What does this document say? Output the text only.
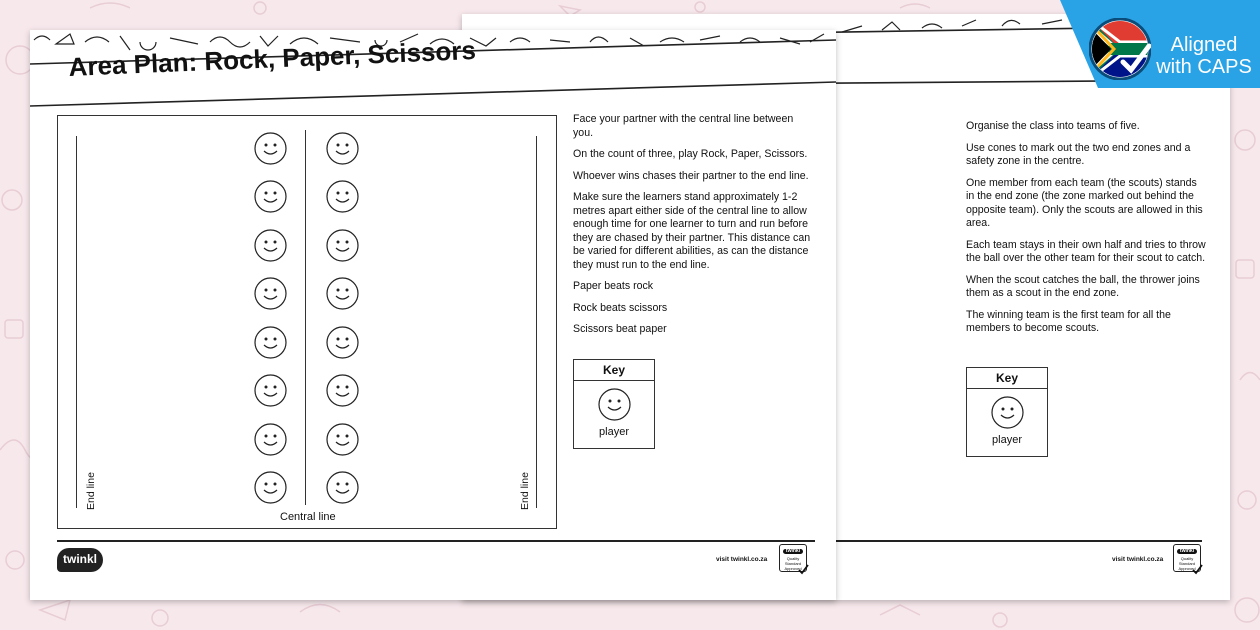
Organise the class into teams of five.

Use cones to mark out the two end zones and a safety zone in the centre.

One member from each team (the scouts) stands in the end zone (the zone marked out behind the opposite team). Only the scouts are allowed in this area.

Each team stays in their own half and tries to throw the ball over the other team for their scout to catch.

When the scout catches the ball, the thrower joins them as a scout in the end zone.

The winning team is the first team for all the members to become scouts.

Key
player
visit twinkl.co.za
twinkl
Quality Standard
Approved
Area Plan: Rock, Paper, Scissors
End line	End line
Central line

Face your partner with the central line between you.

On the count of three, play Rock, Paper, Scissors.

Whoever wins chases their partner to the end line.

Make sure the learners stand approximately 1-2 metres apart either side of the central line to allow enough time for one learner to turn and run before they are chased by their partner. This distance can be varied for different abilities, as can the distance they must run to the end line.

Paper beats rock

Rock beats scissors

Scissors beat paper

Key
player
twinkl	visit twinkl.co.za
twinkl
Quality Standard
Approved
Aligned
with CAPS
